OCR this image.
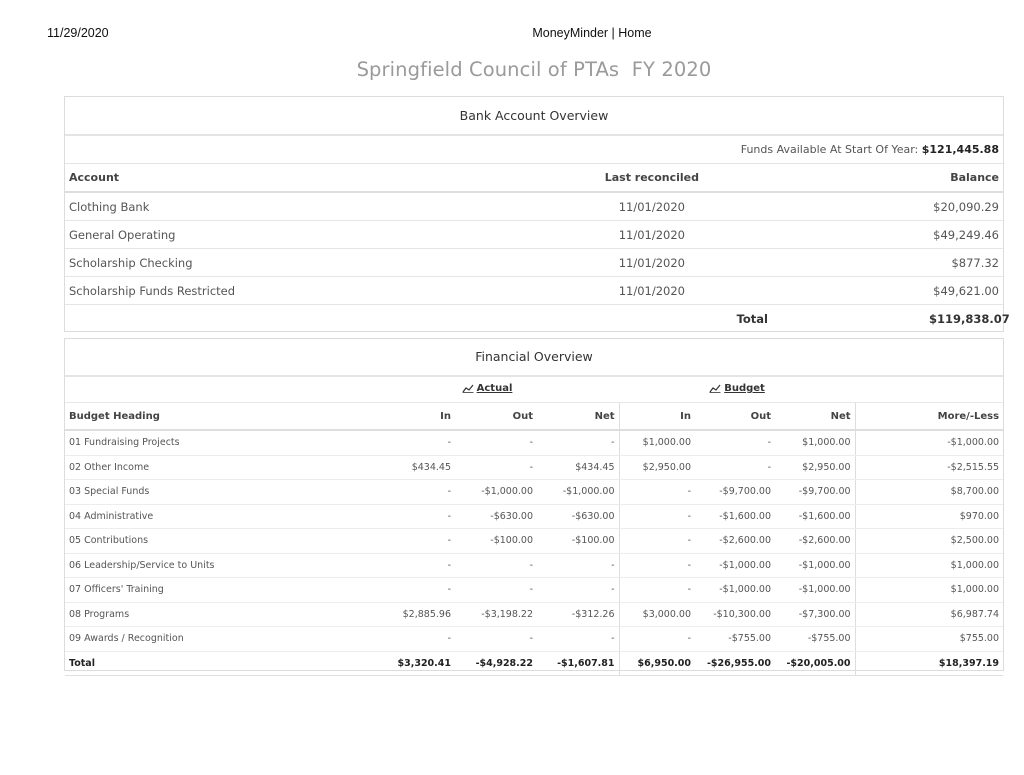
11/29/2020	MoneyMinder | Home
Springfield Council of PTAs  FY 2020
Bank Account Overview
Funds Available At Start Of Year: $121,445.88
Account	Last reconciled	Balance
Clothing Bank	11/01/2020	$20,090.29
General Operating	11/01/2020	$49,249.46
Scholarship Checking	11/01/2020	$877.32
Scholarship Funds Restricted	11/01/2020	$49,621.00
	Total	$119,838.07
Financial Overview

	Actual			Budget			

Budget Heading	In	Out	Net	In	Out	Net	More/-Less
01 Fundraising Projects	-	-	-	$1,000.00	-	$1,000.00	-$1,000.00
02 Other Income	$434.45	-	$434.45	$2,950.00	-	$2,950.00	-$2,515.55
03 Special Funds	-	-$1,000.00	-$1,000.00	-	-$9,700.00	-$9,700.00	$8,700.00
04 Administrative	-	-$630.00	-$630.00	-	-$1,600.00	-$1,600.00	$970.00
05 Contributions	-	-$100.00	-$100.00	-	-$2,600.00	-$2,600.00	$2,500.00
06 Leadership/Service to Units	-	-	-	-	-$1,000.00	-$1,000.00	$1,000.00
07 Officers' Training	-	-	-	-	-$1,000.00	-$1,000.00	$1,000.00
08 Programs	$2,885.96	-$3,198.22	-$312.26	$3,000.00	-$10,300.00	-$7,300.00	$6,987.74
09 Awards / Recognition	-	-	-	-	-$755.00	-$755.00	$755.00
Total	$3,320.41	-$4,928.22	-$1,607.81	$6,950.00	-$26,955.00	-$20,005.00	$18,397.19
